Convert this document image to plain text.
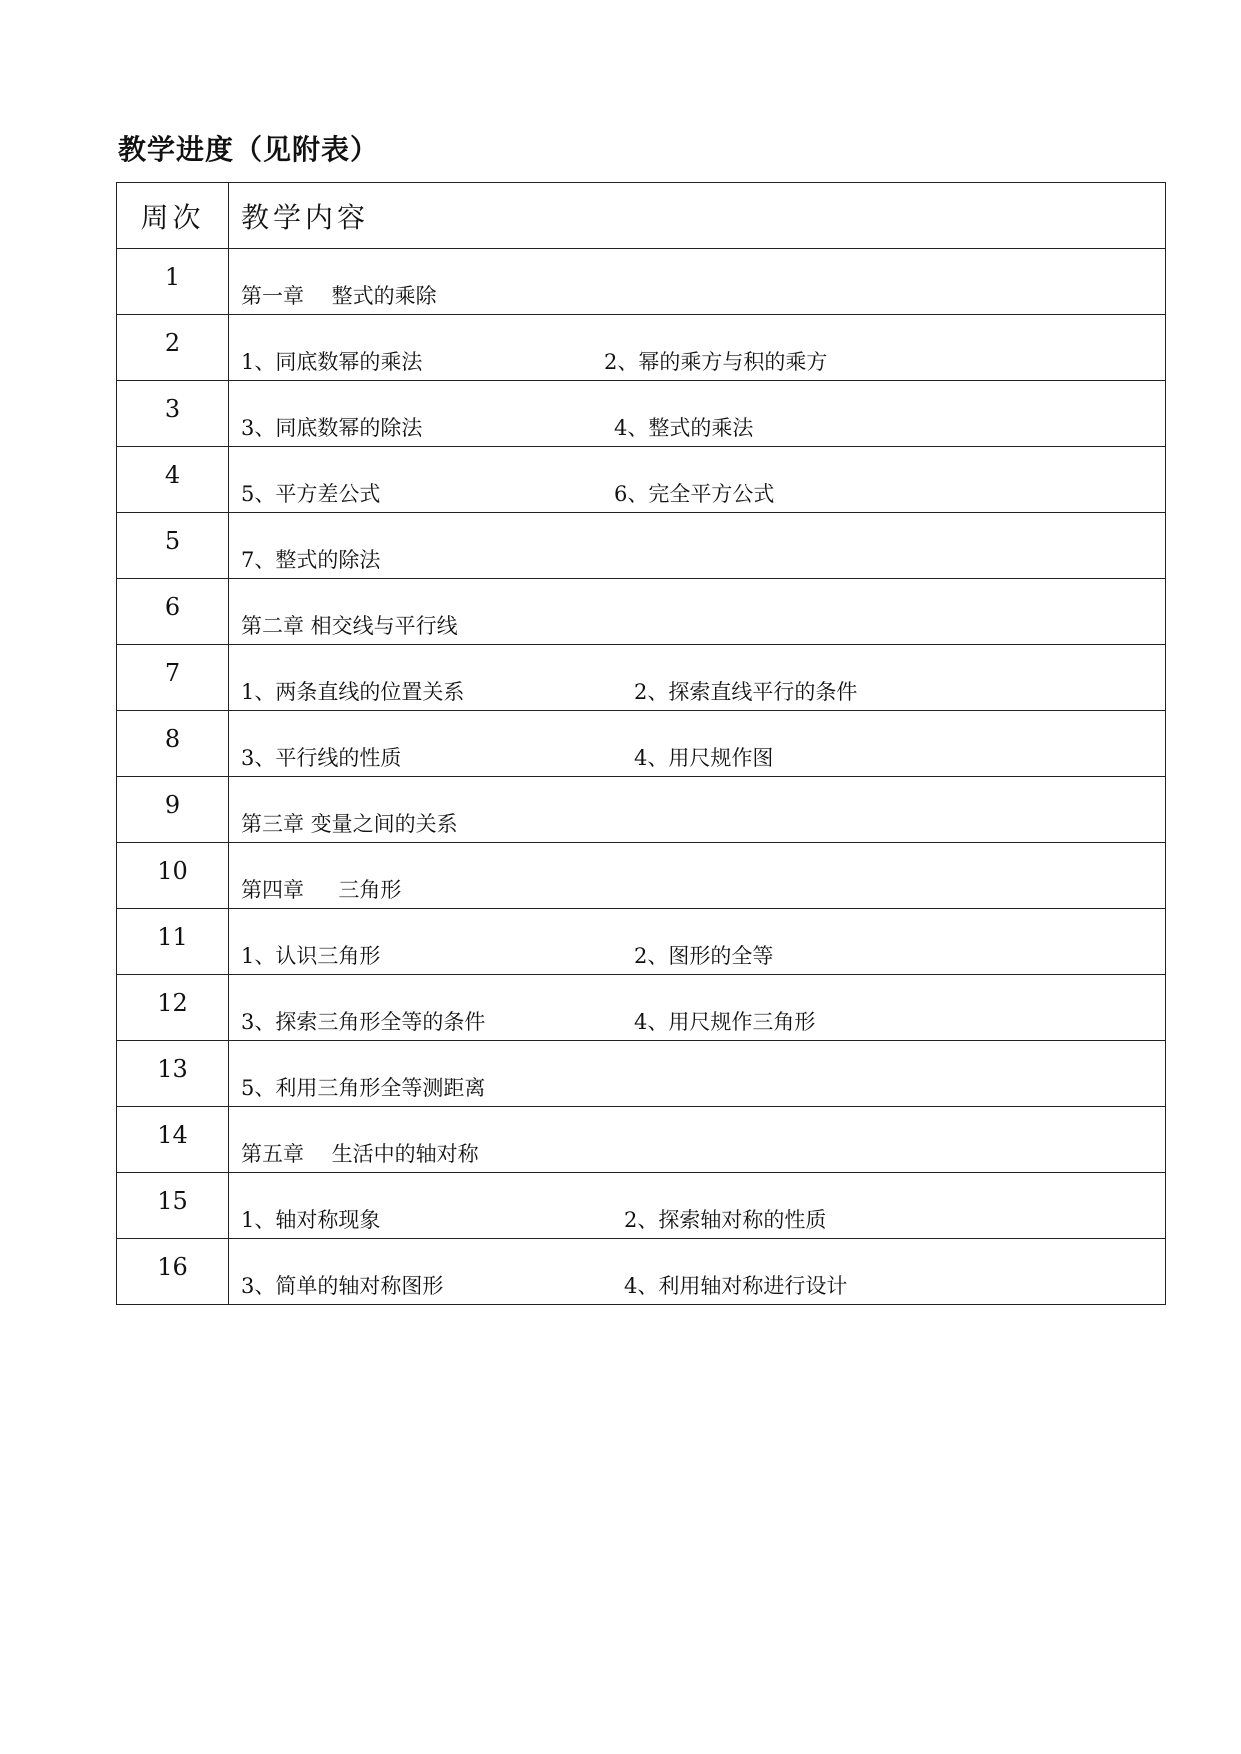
教学进度（见附表）
周次	教学内容
1	第一章　 整式的乘除
2	1、同底数幂的乘法 2、幂的乘方与积的乘方

3	3、同底数幂的除法 4、整式的乘法

4	5、平方差公式 6、完全平方公式

5	7、整式的除法
6	第二章 相交线与平行线
7	1、两条直线的位置关系 2、探索直线平行的条件

8	3、平行线的性质 4、用尺规作图

9	第三章 变量之间的关系
10	第四章 　 三角形
11	1、认识三角形 2、图形的全等

12	3、探索三角形全等的条件 4、用尺规作三角形

13	5、利用三角形全等测距离
14	第五章　 生活中的轴对称
15	1、轴对称现象 2、探索轴对称的性质

16	3、简单的轴对称图形 4、利用轴对称进行设计
